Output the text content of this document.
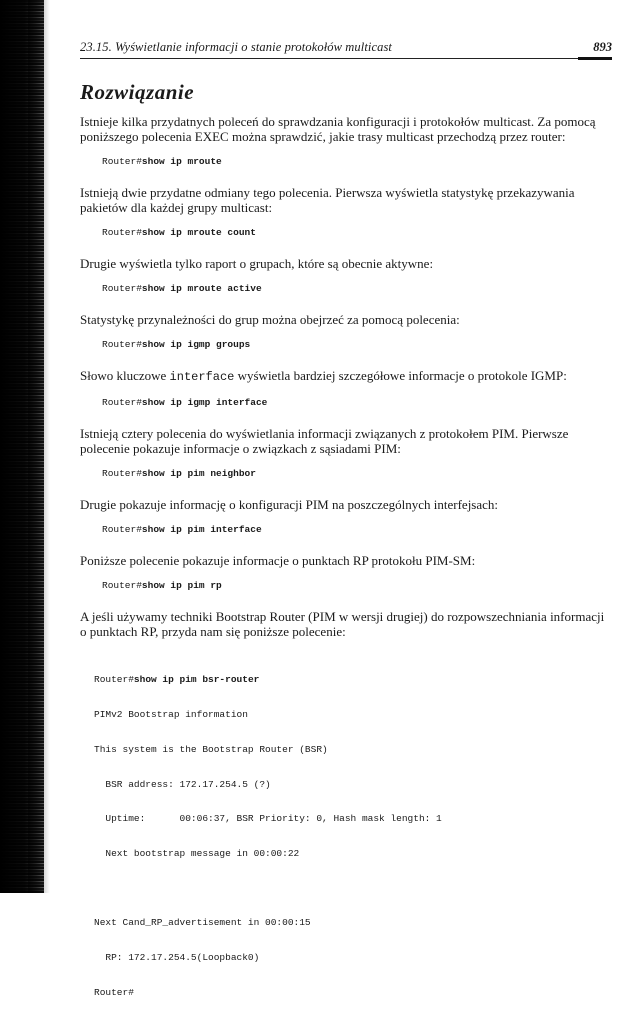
23.15. Wyświetlanie informacji o stanie protokołów multicast	893
Rozwiązanie

Istnieje kilka przydatnych poleceń do sprawdzania konfiguracji i protokołów multicast. Za pomocą poniższego polecenia EXEC można sprawdzić, jakie trasy multicast przechodzą przez router:

Router#show ip mroute

Istnieją dwie przydatne odmiany tego polecenia. Pierwsza wyświetla statystykę przekazywania pakietów dla każdej grupy multicast:

Router#show ip mroute count

Drugie wyświetla tylko raport o grupach, które są obecnie aktywne:

Router#show ip mroute active

Statystykę przynależności do grup można obejrzeć za pomocą polecenia:

Router#show ip igmp groups

Słowo kluczowe interface wyświetla bardziej szczegółowe informacje o protokole IGMP:

Router#show ip igmp interface

Istnieją cztery polecenia do wyświetlania informacji związanych z protokołem PIM. Pierwsze polecenie pokazuje informacje o związkach z sąsiadami PIM:

Router#show ip pim neighbor

Drugie pokazuje informację o konfiguracji PIM na poszczególnych interfejsach:

Router#show ip pim interface

Poniższe polecenie pokazuje informacje o punktach RP protokołu PIM-SM:

Router#show ip pim rp

A jeśli używamy techniki Bootstrap Router (PIM w wersji drugiej) do rozpowszechniania informacji o punktach RP, przyda nam się poniższe polecenie:

Router#show ip pim bsr-router

PIMv2 Bootstrap information

This system is the Bootstrap Router (BSR)

BSR address: 172.17.254.5 (?)

Uptime:      00:06:37, BSR Priority: 0, Hash mask length: 1

Next bootstrap message in 00:00:22

Next Cand_RP_advertisement in 00:00:15

RP: 172.17.254.5(Loopback0)

Router#
